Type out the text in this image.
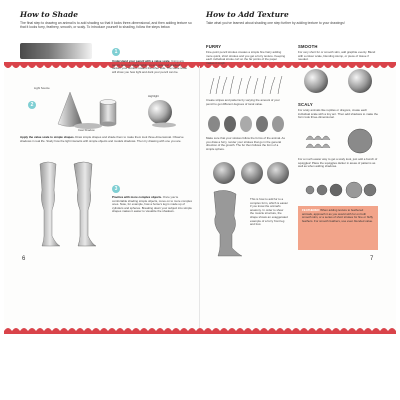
How to Shade
The final step to drawing an animal is to add shading so that it looks three-dimensional, and then adding texture so that it looks furry, feathery, smooth, or scaly. To introduce yourself to shading, follow the steps below.
1
Understand your pencil with a value scale. Using any pencil, learn to shade lightly on one side and gradually darken your strokes toward the other side. The value scale will show you how light and dark your pencil can be.
2
Light Source
Highlight
Cast Shadow
Apply the value scale to simple shapes. Draw simple shapes and shade them to make them look three-dimensional. Observe shadows in real life. Study how the light interacts with simple objects and models shadows. Then try drawing with one you are.
3
Practice with more complex objects. Once you're comfortable shading simple objects, move on to more complex ones. Note, for example, how a horse's leg is made up of cylinders and spheres. Breaking down your subject into simple shapes makes it easier to visualize the shadows.
6
How to Add Texture
Take what you've learned about shading one step further by adding texture to your drawings!
FURRY
Fine-point pencil strokes creates a simple fine hairy adding more quick, short strokes and you get a furry texture. Keeping each individual stroke curl on the far points of the paper makes it rough.
Create stripes and patterns by varying the amount of your pencil to get different degrees of tonal value.
Make sure that your strokes follow the forms of the animal. As you draw a furry, render your strokes that go in the general direction of the growth. The fur then follows the form of a simple sphere.
This is how to add fur to a complex form, which is easier if you know the animal's anatomy. In order to show the muscle structure, the shape shows an exaggerated example of a furry front leg and foot.
SMOOTH
For very short fur or smooth skin, add graphite evenly. Blend with a colour scale, blending stump, or piece of tissue if needed.
SCALY
For scaly animals like reptiles or dragons, create each individual scale with a tiny arc. Then add shadows to make the form look three-dimensional.
For a much easier way to get a scaly look, just add a bunch of squiggles! Place the squiggles darker in areas of patterns as well as when adding shadows.
FEATHERED When adding texture to feathered animals, approach it as you would with fur on both smooth skin, or a series of short strokes for fine or fluffy feathers. For smooth feathers, use even blended value.
7
